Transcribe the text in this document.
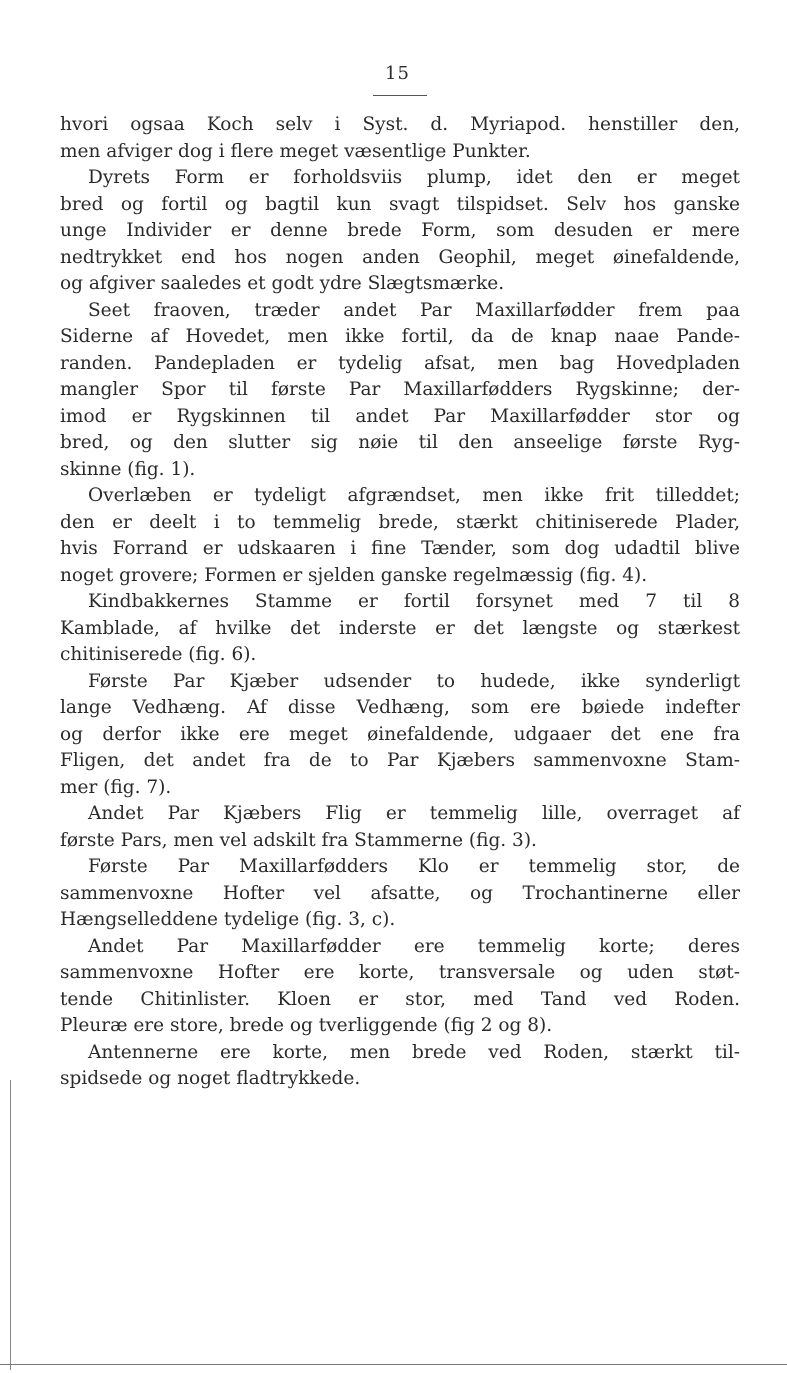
15
hvori ogsaa Koch selv i Syst. d. Myriapod. henstiller den,
men afviger dog i flere meget væsentlige Punkter.
Dyrets Form er forholdsviis plump, idet den er meget
bred og fortil og bagtil kun svagt tilspidset. Selv hos ganske
unge Individer er denne brede Form, som desuden er mere
nedtrykket end hos nogen anden Geophil, meget øinefaldende,
og afgiver saaledes et godt ydre Slægtsmærke.
Seet fraoven, træder andet Par Maxillarfødder frem paa
Siderne af Hovedet, men ikke fortil, da de knap naae Pande-
randen. Pandepladen er tydelig afsat, men bag Hovedpladen
mangler Spor til første Par Maxillarfødders Rygskinne; der-
imod er Rygskinnen til andet Par Maxillarfødder stor og
bred, og den slutter sig nøie til den anseelige første Ryg-
skinne (fig. 1).
Overlæben er tydeligt afgrændset, men ikke frit tilleddet;
den er deelt i to temmelig brede, stærkt chitiniserede Plader,
hvis Forrand er udskaaren i fine Tænder, som dog udadtil blive
noget grovere; Formen er sjelden ganske regelmæssig (fig. 4).
Kindbakkernes Stamme er fortil forsynet med 7 til 8
Kamblade, af hvilke det inderste er det længste og stærkest
chitiniserede (fig. 6).
Første Par Kjæber udsender to hudede, ikke synderligt
lange Vedhæng. Af disse Vedhæng, som ere bøiede indefter
og derfor ikke ere meget øinefaldende, udgaaer det ene fra
Fligen, det andet fra de to Par Kjæbers sammenvoxne Stam-
mer (fig. 7).
Andet Par Kjæbers Flig er temmelig lille, overraget af
første Pars, men vel adskilt fra Stammerne (fig. 3).
Første Par Maxillarfødders Klo er temmelig stor, de
sammenvoxne Hofter vel afsatte, og Trochantinerne eller
Hængselleddene tydelige (fig. 3, c).
Andet Par Maxillarfødder ere temmelig korte; deres
sammenvoxne Hofter ere korte, transversale og uden støt-
tende Chitinlister. Kloen er stor, med Tand ved Roden.
Pleuræ ere store, brede og tverliggende (fig 2 og 8).
Antennerne ere korte, men brede ved Roden, stærkt til-
spidsede og noget fladtrykkede.
